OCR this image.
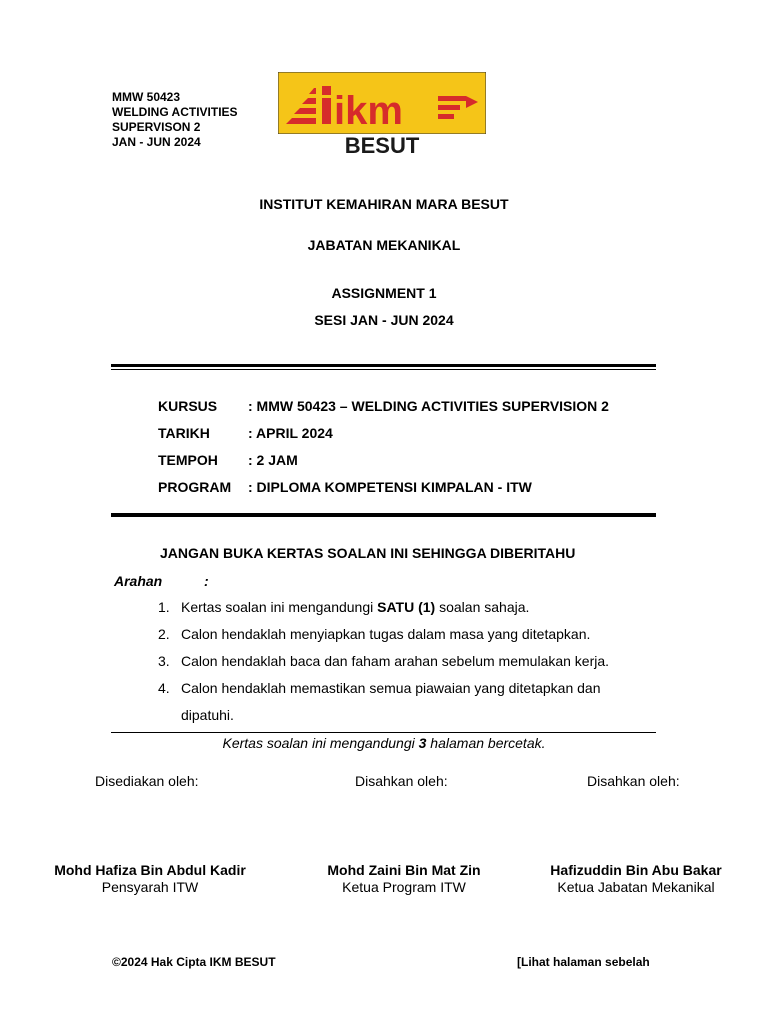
MMW 50423
WELDING ACTIVITIES
SUPERVISON 2
JAN - JUN 2024
ikm
BESUT
INSTITUT KEMAHIRAN MARA BESUT
JABATAN MEKANIKAL
ASSIGNMENT 1
SESI JAN - JUN 2024
KURSUS : MMW 50423 – WELDING ACTIVITIES SUPERVISION 2
TARIKH	: APRIL 2024
TEMPOH : 2 JAM
PROGRAM : DIPLOMA KOMPETENSI KIMPALAN - ITW
JANGAN BUKA KERTAS SOALAN INI SEHINGGA DIBERITAHU
Arahan	:
1. Kertas soalan ini mengandungi SATU (1) soalan sahaja.
2. Calon hendaklah menyiapkan tugas dalam masa yang ditetapkan.
3. Calon hendaklah baca dan faham arahan sebelum memulakan kerja.
4. Calon hendaklah memastikan semua piawaian yang ditetapkan dan
dipatuhi.
Kertas soalan ini mengandungi 3 halaman bercetak.
Disediakan oleh:	Disahkan oleh:	Disahkan oleh:
Mohd Hafiza Bin Abdul Kadir
Pensyarah ITW
Mohd Zaini Bin Mat Zin
Ketua Program ITW
Hafizuddin Bin Abu Bakar
Ketua Jabatan Mekanikal
©2024 Hak Cipta IKM BESUT	[Lihat halaman sebelah
